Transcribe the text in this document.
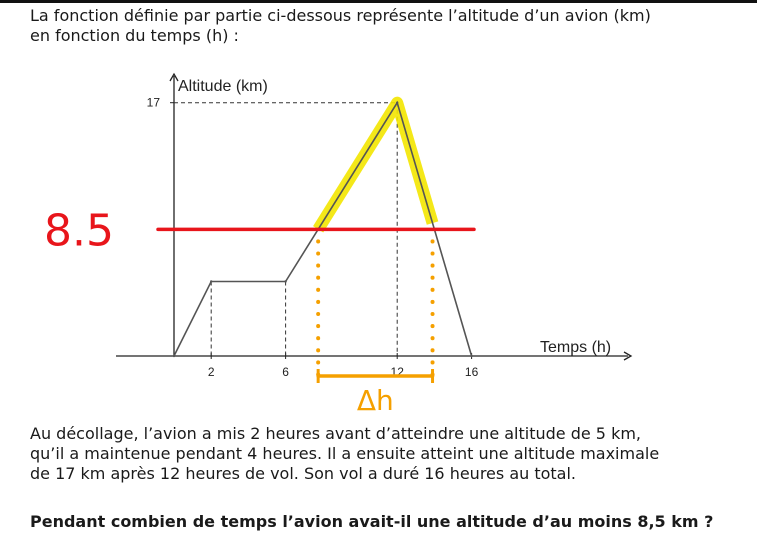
La fonction définie par partie ci-dessous représente l’altitude d’un avion (km)

en fonction du temps (h) :

Altitude (km)
Temps (h)
2	6	12	16
17
8.5
Δh

Au décollage, l’avion a mis 2 heures avant d’atteindre une altitude de 5 km,

qu’il a maintenue pendant 4 heures. Il a ensuite atteint une altitude maximale

de 17 km après 12 heures de vol. Son vol a duré 16 heures au total.

Pendant combien de temps l’avion avait-il une altitude d’au moins 8,5 km ?
